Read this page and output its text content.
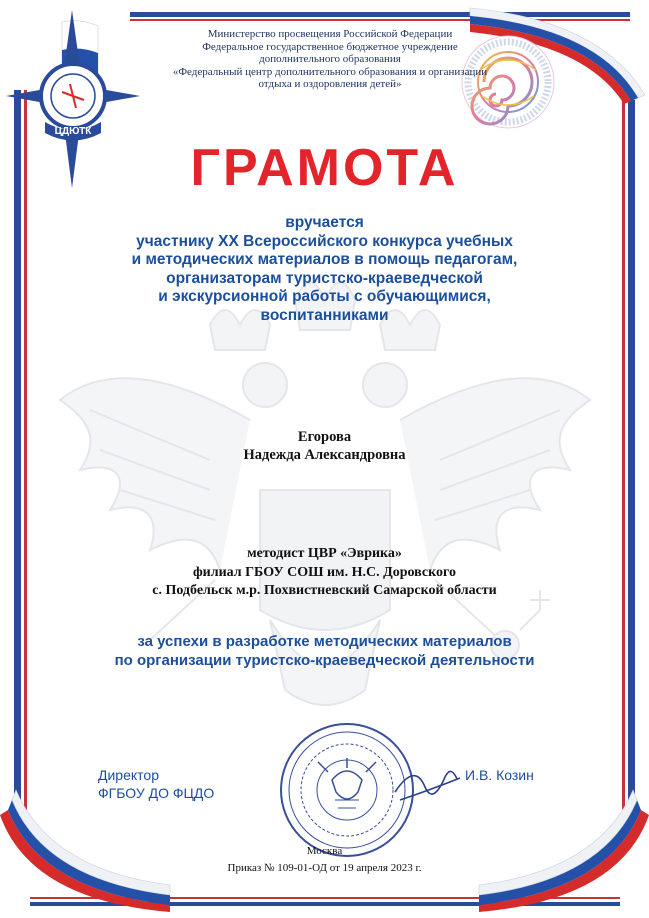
ЦДЮТК
Министерство просвещения Российской Федерации
Федеральное государственное бюджетное учреждение
дополнительного образования
«Федеральный центр дополнительного образования и организации
отдыха и оздоровления детей»
ГРАМОТА
вручается
участнику XX Всероссийского конкурса учебных
и методических материалов в помощь педагогам,
организаторам туристско-краеведческой
и экскурсионной работы с обучающимися,
воспитанниками
Егорова
Надежда Александровна
методист ЦВР «Эврика»
филиал ГБОУ СОШ им. Н.С. Доровского
с. Подбельск м.р. Похвистневский Самарской области
за успехи в разработке методических материалов
по организации туристско-краеведческой деятельности
Директор
ФГБОУ ДО ФЦДО
И.В. Козин
Москва
Приказ № 109-01-ОД от 19 апреля 2023 г.
